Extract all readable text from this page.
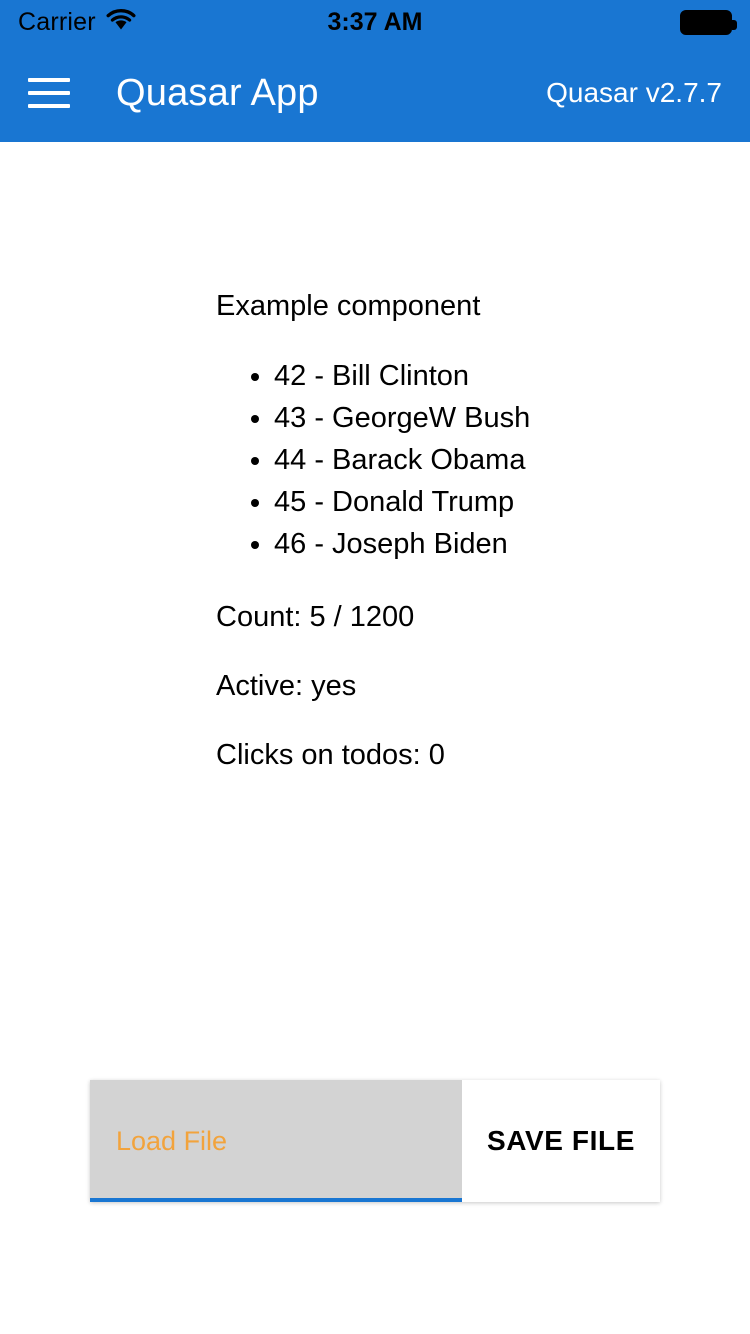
Carrier	3:37 AM
Quasar App	Quasar v2.7.7
Example component
• 42 - Bill Clinton
• 43 - GeorgeW Bush
• 44 - Barack Obama
• 45 - Donald Trump
• 46 - Joseph Biden
Count: 5 / 1200
Active: yes
Clicks on todos: 0
Load File	SAVE FILE
